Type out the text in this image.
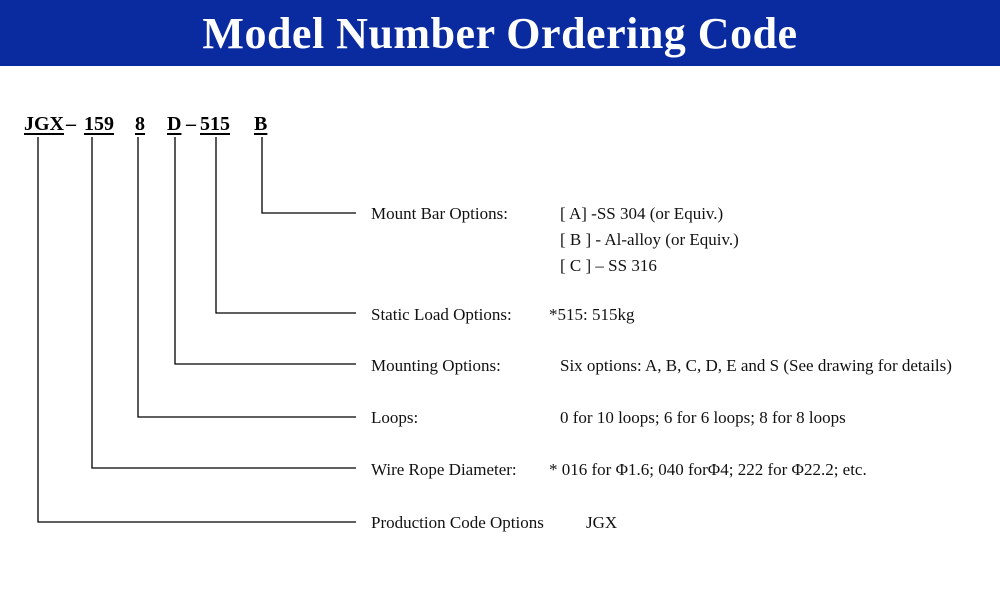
Model Number Ordering Code
JGX – 159 8 D – 515 B
Mount Bar Options:	[ A] -SS 304 (or Equiv.)
[ B ] - Al-alloy (or Equiv.)
[ C ] – SS 316
Static Load Options: *515: 515kg
Mounting Options:	Six options: A, B, C, D, E and S (See drawing for details)
Loops:	0 for 10 loops; 6 for 6 loops; 8 for 8 loops
Wire Rope Diameter: * 016 for Φ1.6; 040 forΦ4; 222 for Φ22.2; etc.
Production Code Options JGX
